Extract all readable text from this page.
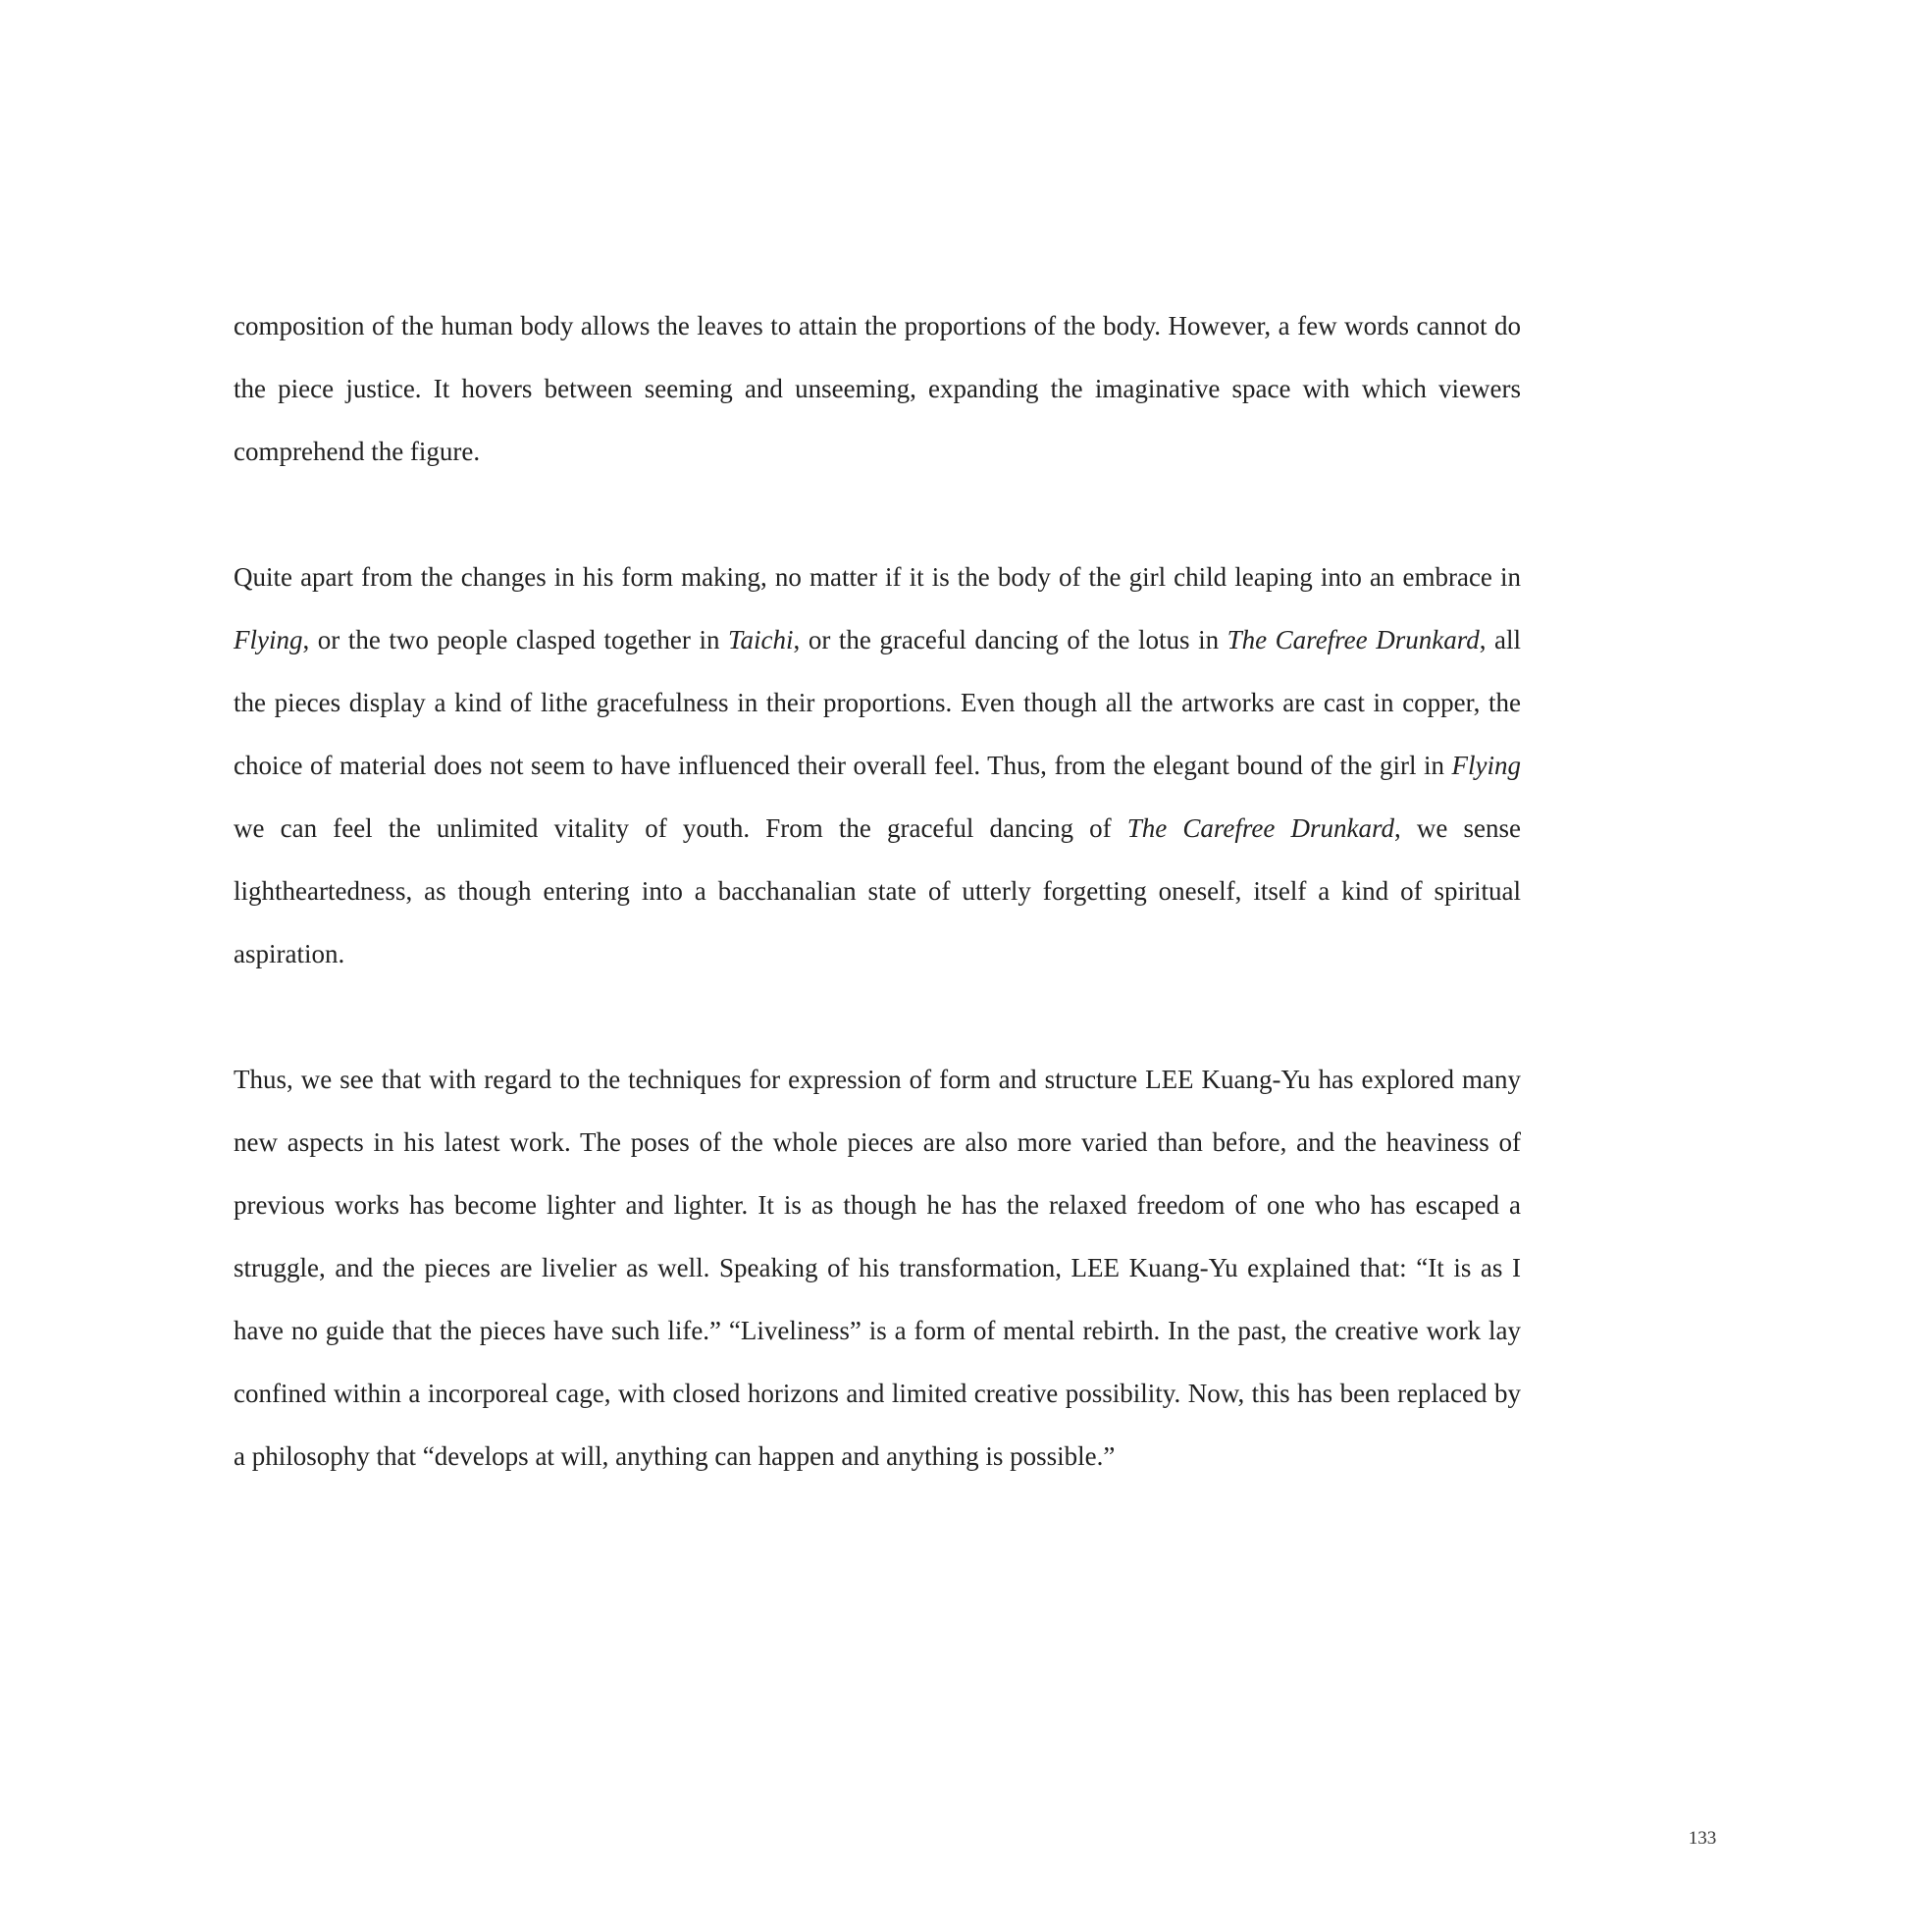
composition of the human body allows the leaves to attain the proportions of the body. However, a few words cannot do the piece justice. It hovers between seeming and unseeming, expanding the imaginative space with which viewers comprehend the figure.

Quite apart from the changes in his form making, no matter if it is the body of the girl child leaping into an embrace in Flying, or the two people clasped together in Taichi, or the graceful dancing of the lotus in The Carefree Drunkard, all the pieces display a kind of lithe gracefulness in their proportions. Even though all the artworks are cast in copper, the choice of material does not seem to have influenced their overall feel. Thus, from the elegant bound of the girl in Flying we can feel the unlimited vitality of youth. From the graceful dancing of The Carefree Drunkard, we sense lightheartedness, as though entering into a bacchanalian state of utterly forgetting oneself, itself a kind of spiritual aspiration.

Thus, we see that with regard to the techniques for expression of form and structure LEE Kuang-Yu has explored many new aspects in his latest work. The poses of the whole pieces are also more varied than before, and the heaviness of previous works has become lighter and lighter. It is as though he has the relaxed freedom of one who has escaped a struggle, and the pieces are livelier as well. Speaking of his transformation, LEE Kuang-Yu explained that: “It is as I have no guide that the pieces have such life.” “Liveliness” is a form of mental rebirth. In the past, the creative work lay confined within a incorporeal cage, with closed horizons and limited creative possibility. Now, this has been replaced by a philosophy that “develops at will, anything can happen and anything is possible.”

133
